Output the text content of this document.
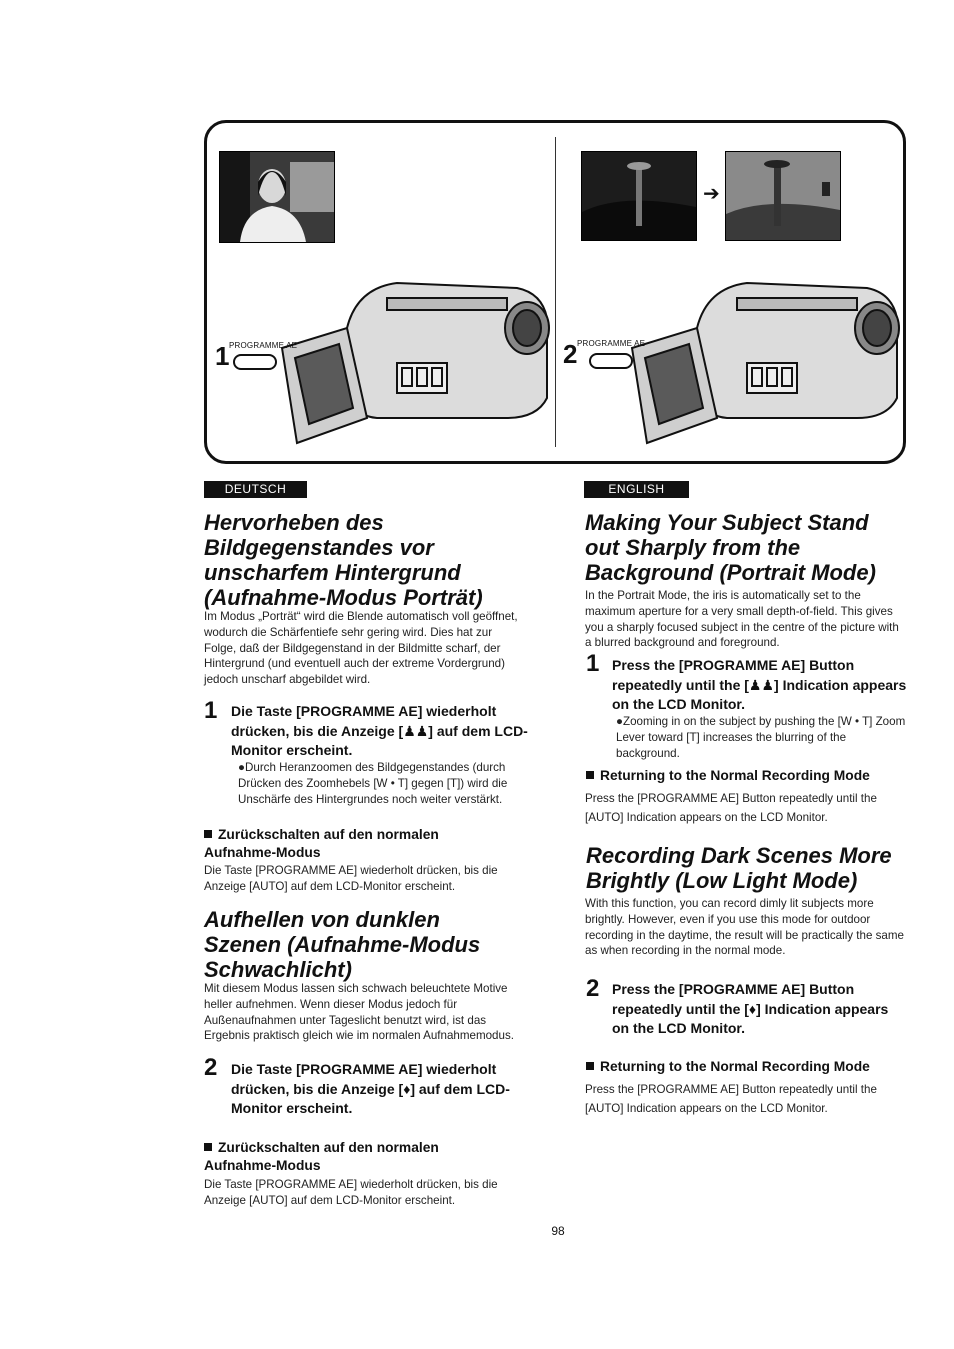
1 PROGRAMME AE
➔
2 PROGRAMME AE
DEUTSCH
Hervorheben des Bildgegenstandes vor unscharfem Hintergrund (Aufnahme-Modus Porträt)

Im Modus „Porträt“ wird die Blende automatisch voll geöffnet, wodurch die Schärfentiefe sehr gering wird. Dies hat zur Folge, daß der Bildgegenstand in der Bildmitte scharf, der Hintergrund (und eventuell auch der extreme Vordergrund) jedoch unscharf abgebildet wird.

1 Die Taste [PROGRAMME AE] wiederholt drücken, bis die Anzeige [♟♟] auf dem LCD-Monitor erscheint.

●Durch Heranzoomen des Bildgegenstandes (durch Drücken des Zoomhebels [W • T] gegen [T]) wird die Unschärfe des Hintergrundes noch weiter verstärkt.

Zurückschalten auf den normalen Aufnahme-Modus

Die Taste [PROGRAMME AE] wiederholt drücken, bis die Anzeige [AUTO] auf dem LCD-Monitor erscheint.

Aufhellen von dunklen Szenen (Aufnahme-Modus Schwachlicht)

Mit diesem Modus lassen sich schwach beleuchtete Motive heller aufnehmen. Wenn dieser Modus jedoch für Außenaufnahmen unter Tageslicht benutzt wird, ist das Ergebnis praktisch gleich wie im normalen Aufnahmemodus.

2 Die Taste [PROGRAMME AE] wiederholt drücken, bis die Anzeige [♦] auf dem LCD-Monitor erscheint.

Zurückschalten auf den normalen Aufnahme-Modus

Die Taste [PROGRAMME AE] wiederholt drücken, bis die Anzeige [AUTO] auf dem LCD-Monitor erscheint.

ENGLISH
Making Your Subject Stand out Sharply from the Background (Portrait Mode)

In the Portrait Mode, the iris is automatically set to the maximum aperture for a very small depth-of-field. This gives you a sharply focused subject in the centre of the picture with a blurred background and foreground.

1 Press the [PROGRAMME AE] Button repeatedly until the [♟♟] Indication appears on the LCD Monitor.

●Zooming in on the subject by pushing the [W • T] Zoom Lever toward [T] increases the blurring of the background.

Returning to the Normal Recording Mode

Press the [PROGRAMME AE] Button repeatedly until the [AUTO] Indication appears on the LCD Monitor.

Recording Dark Scenes More Brightly (Low Light Mode)

With this function, you can record dimly lit subjects more brightly. However, even if you use this mode for outdoor recording in the daytime, the result will be practically the same as when recording in the normal mode.

2 Press the [PROGRAMME AE] Button repeatedly until the [♦] Indication appears on the LCD Monitor.

Returning to the Normal Recording Mode

Press the [PROGRAMME AE] Button repeatedly until the [AUTO] Indication appears on the LCD Monitor.

98
